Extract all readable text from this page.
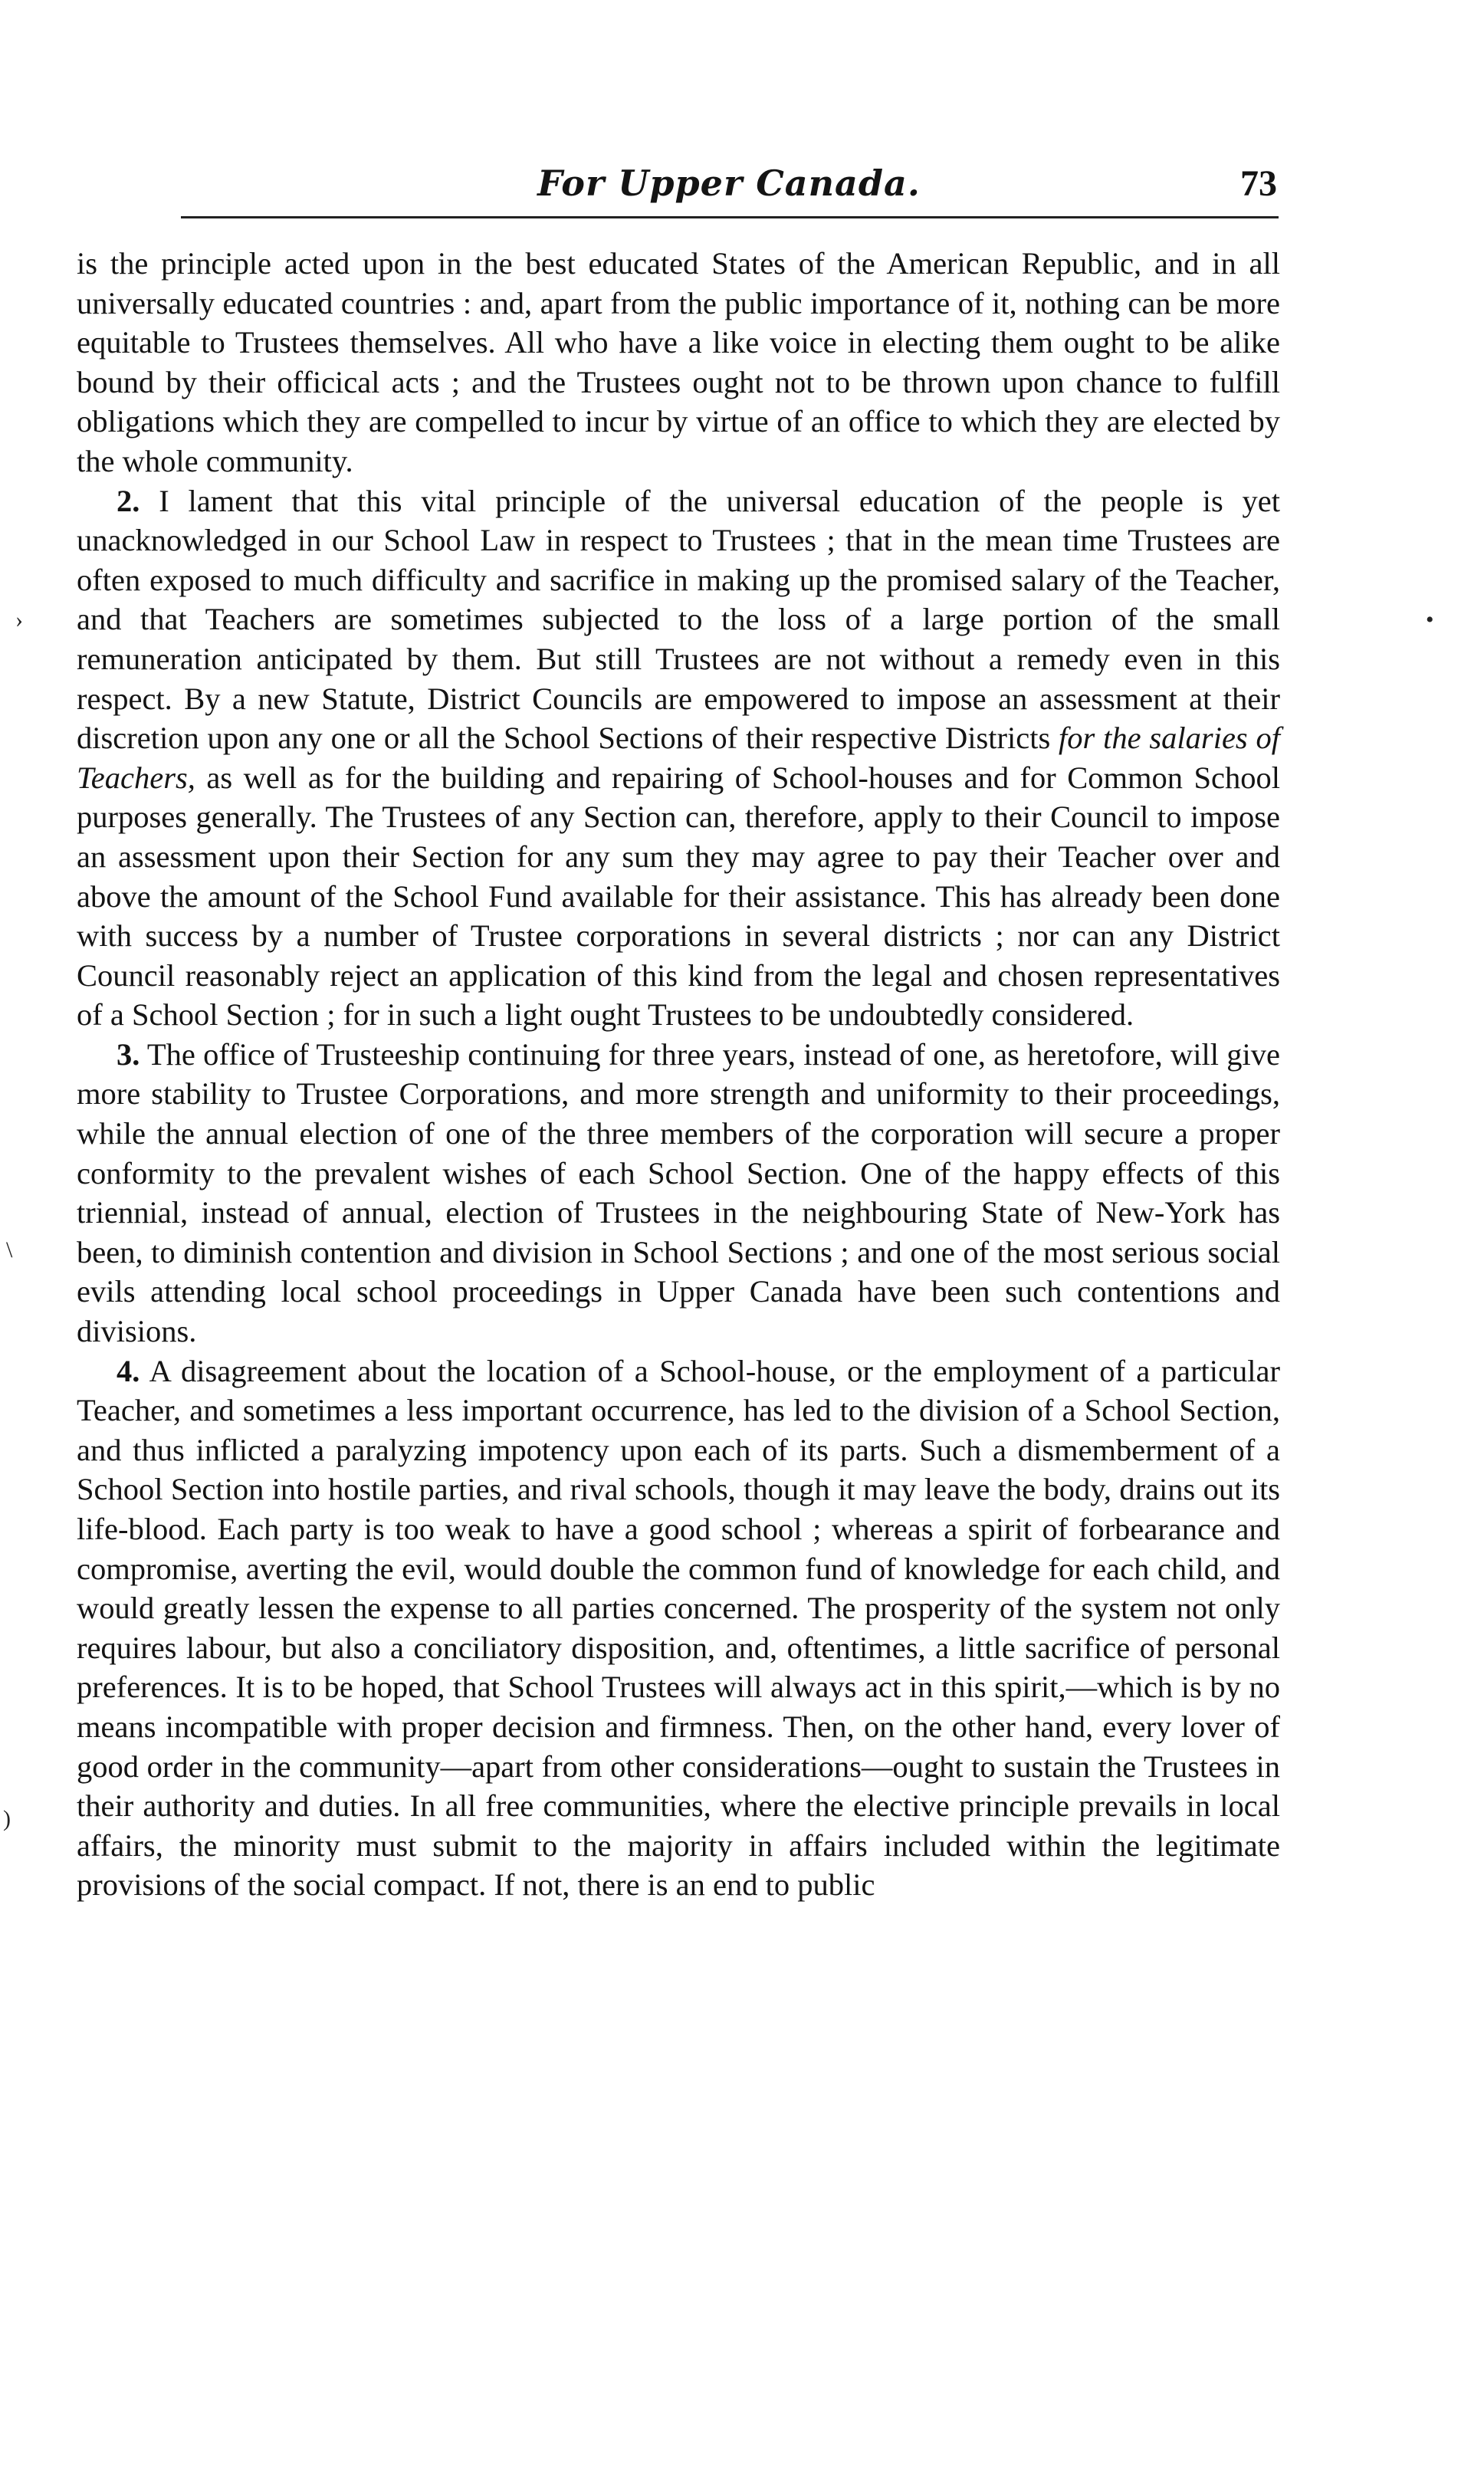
For Upper Canada.	73

is the principle acted upon in the best educated States of the American Republic, and in all universally educated countries : and, apart from the public importance of it, nothing can be more equitable to Trustees themselves. All who have a like voice in electing them ought to be alike bound by their officical acts ; and the Trustees ought not to be thrown upon chance to fulfill obligations which they are compelled to incur by virtue of an office to which they are elected by the whole community.

2. I lament that this vital principle of the universal education of the people is yet unacknowledged in our School Law in respect to Trustees ; that in the mean time Trustees are often exposed to much difficulty and sacrifice in making up the promised salary of the Teacher, and that Teachers are sometimes subjected to the loss of a large portion of the small remuneration anticipated by them. But still Trustees are not without a remedy even in this respect. By a new Statute, District Councils are empowered to impose an assessment at their discretion upon any one or all the School Sections of their respective Districts for the salaries of Teachers, as well as for the building and repairing of School-houses and for Common School purposes generally. The Trustees of any Section can, therefore, apply to their Council to impose an assessment upon their Section for any sum they may agree to pay their Teacher over and above the amount of the School Fund available for their assistance. This has already been done with success by a number of Trustee corporations in several districts ; nor can any District Council reasonably reject an application of this kind from the legal and chosen representatives of a School Section ; for in such a light ought Trustees to be undoubtedly considered.

3. The office of Trusteeship continuing for three years, instead of one, as heretofore, will give more stability to Trustee Corporations, and more strength and uniformity to their proceedings, while the annual election of one of the three members of the corporation will secure a proper conformity to the prevalent wishes of each School Section. One of the happy effects of this triennial, instead of annual, election of Trustees in the neighbouring State of New-York has been, to diminish contention and division in School Sections ; and one of the most serious social evils attending local school proceedings in Upper Canada have been such contentions and divisions.

4. A disagreement about the location of a School-house, or the employment of a particular Teacher, and sometimes a less important occurrence, has led to the division of a School Section, and thus inflicted a paralyzing impotency upon each of its parts. Such a dismemberment of a School Section into hostile parties, and rival schools, though it may leave the body, drains out its life-blood. Each party is too weak to have a good school ; whereas a spirit of forbearance and compromise, averting the evil, would double the common fund of knowledge for each child, and would greatly lessen the expense to all parties concerned. The prosperity of the system not only requires labour, but also a conciliatory disposition, and, oftentimes, a little sacrifice of personal preferences. It is to be hoped, that School Trustees will always act in this spirit,—which is by no means incompatible with proper decision and firmness. Then, on the other hand, every lover of good order in the community—apart from other considerations—ought to sustain the Trustees in their authority and duties. In all free communities, where the elective principle prevails in local affairs, the minority must submit to the majority in affairs included within the legitimate provisions of the social compact. If not, there is an end to public

›	•
\
)
